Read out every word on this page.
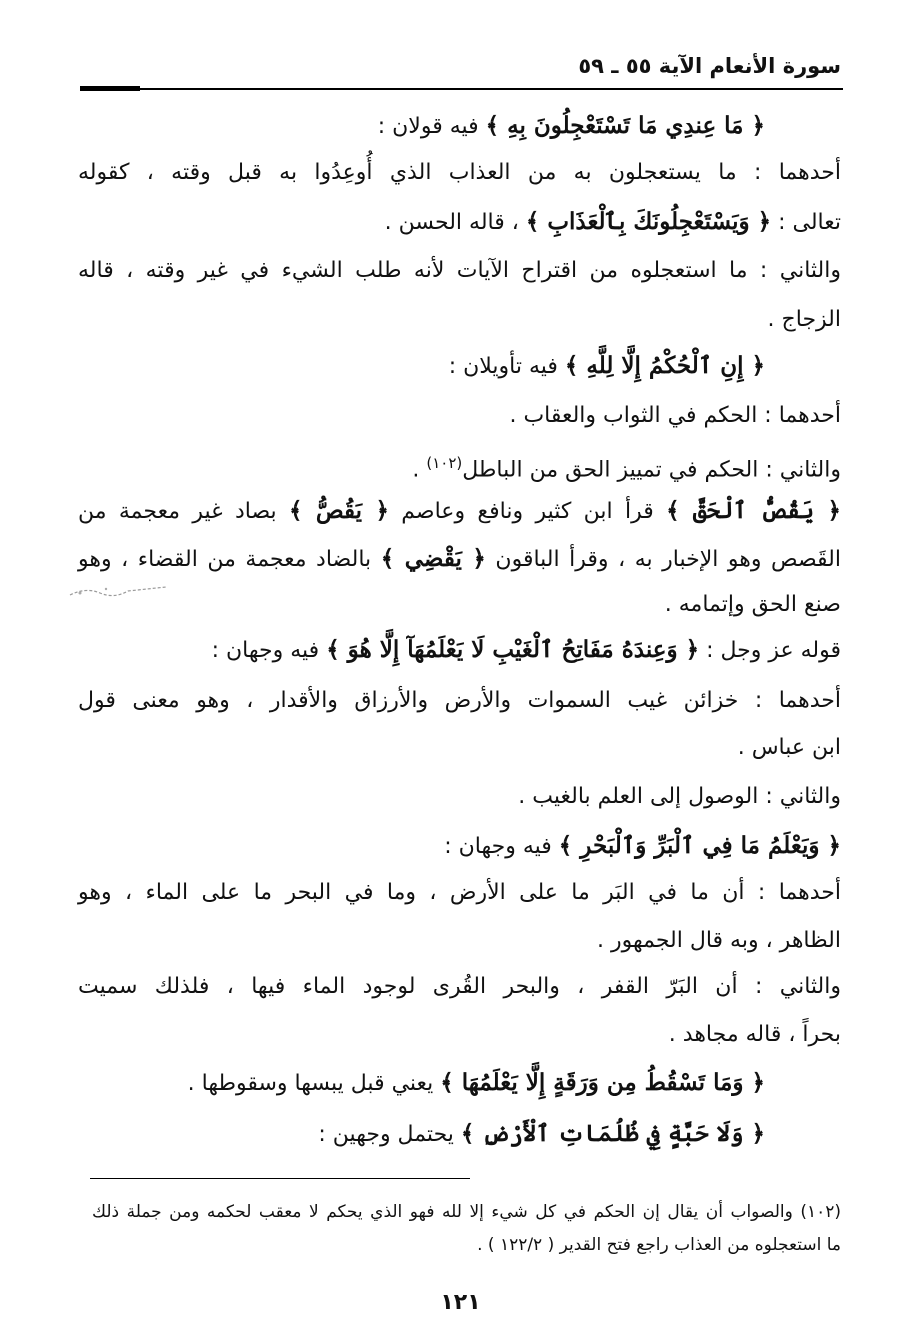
سورة الأنعام الآية ٥٥ ـ ٥٩
﴿ مَا عِندِي مَا تَسْتَعْجِلُونَ بِهِ ﴾ فيه قولان :
أحدهما : ما يستعجلون به من العذاب الذي أُوعِدُوا به قبل وقته ، كقوله
تعالى : ﴿ وَيَسْتَعْجِلُونَكَ بِٱلْعَذَابِ ﴾ ، قاله الحسن .
والثاني : ما استعجلوه من اقتراح الآيات لأنه طلب الشيء في غير وقته ، قاله
الزجاج .
﴿ إِنِ ٱلْحُكْمُ إِلَّا لِلَّهِ ﴾ فيه تأويلان :
أحدهما : الحكم في الثواب والعقاب .
والثاني : الحكم في تمييز الحق من الباطل$^{(١٠٢)}$ .
﴿ يَقُصُّ ٱلْحَقَّ ﴾ قرأ ابن كثير ونافع وعاصم ﴿ يَقُصُّ ﴾ بصاد غير معجمة من
القَصص وهو الإخبار به ، وقرأ الباقون ﴿ يَقْضِي ﴾ بالضاد معجمة من القضاء ، وهو
صنع الحق وإتمامه .
قوله عز وجل : ﴿ وَعِندَهُ مَفَاتِحُ ٱلْغَيْبِ لَا يَعْلَمُهَآ إِلَّا هُوَ ﴾ فيه وجهان :
أحدهما : خزائن غيب السموات والأرض والأرزاق والأقدار ، وهو معنى قول
ابن عباس .
والثاني : الوصول إلى العلم بالغيب .
﴿ وَيَعْلَمُ مَا فِي ٱلْبَرِّ وَٱلْبَحْرِ ﴾ فيه وجهان :
أحدهما : أن ما في البَر ما على الأرض ، وما في البحر ما على الماء ، وهو
الظاهر ، وبه قال الجمهور .
والثاني : أن البَرّ القفر ، والبحر القُرى لوجود الماء فيها ، فلذلك سميت
بحراً ، قاله مجاهد .
﴿ وَمَا تَسْقُطُ مِن وَرَقَةٍ إِلَّا يَعْلَمُهَا ﴾ يعني قبل يبسها وسقوطها .
﴿ وَلَا حَبَّةٍ فِي ظُلُمَاتِ ٱلْأَرْضِ ﴾ يحتمل وجهين :
(١٠٢) والصواب أن يقال إن الحكم في كل شيء إلا لله فهو الذي يحكم لا معقب لحكمه ومن جملة ذلك
ما استعجلوه من العذاب راجع فتح القدير ( ١٢٢/٢ ) .
١٢١
